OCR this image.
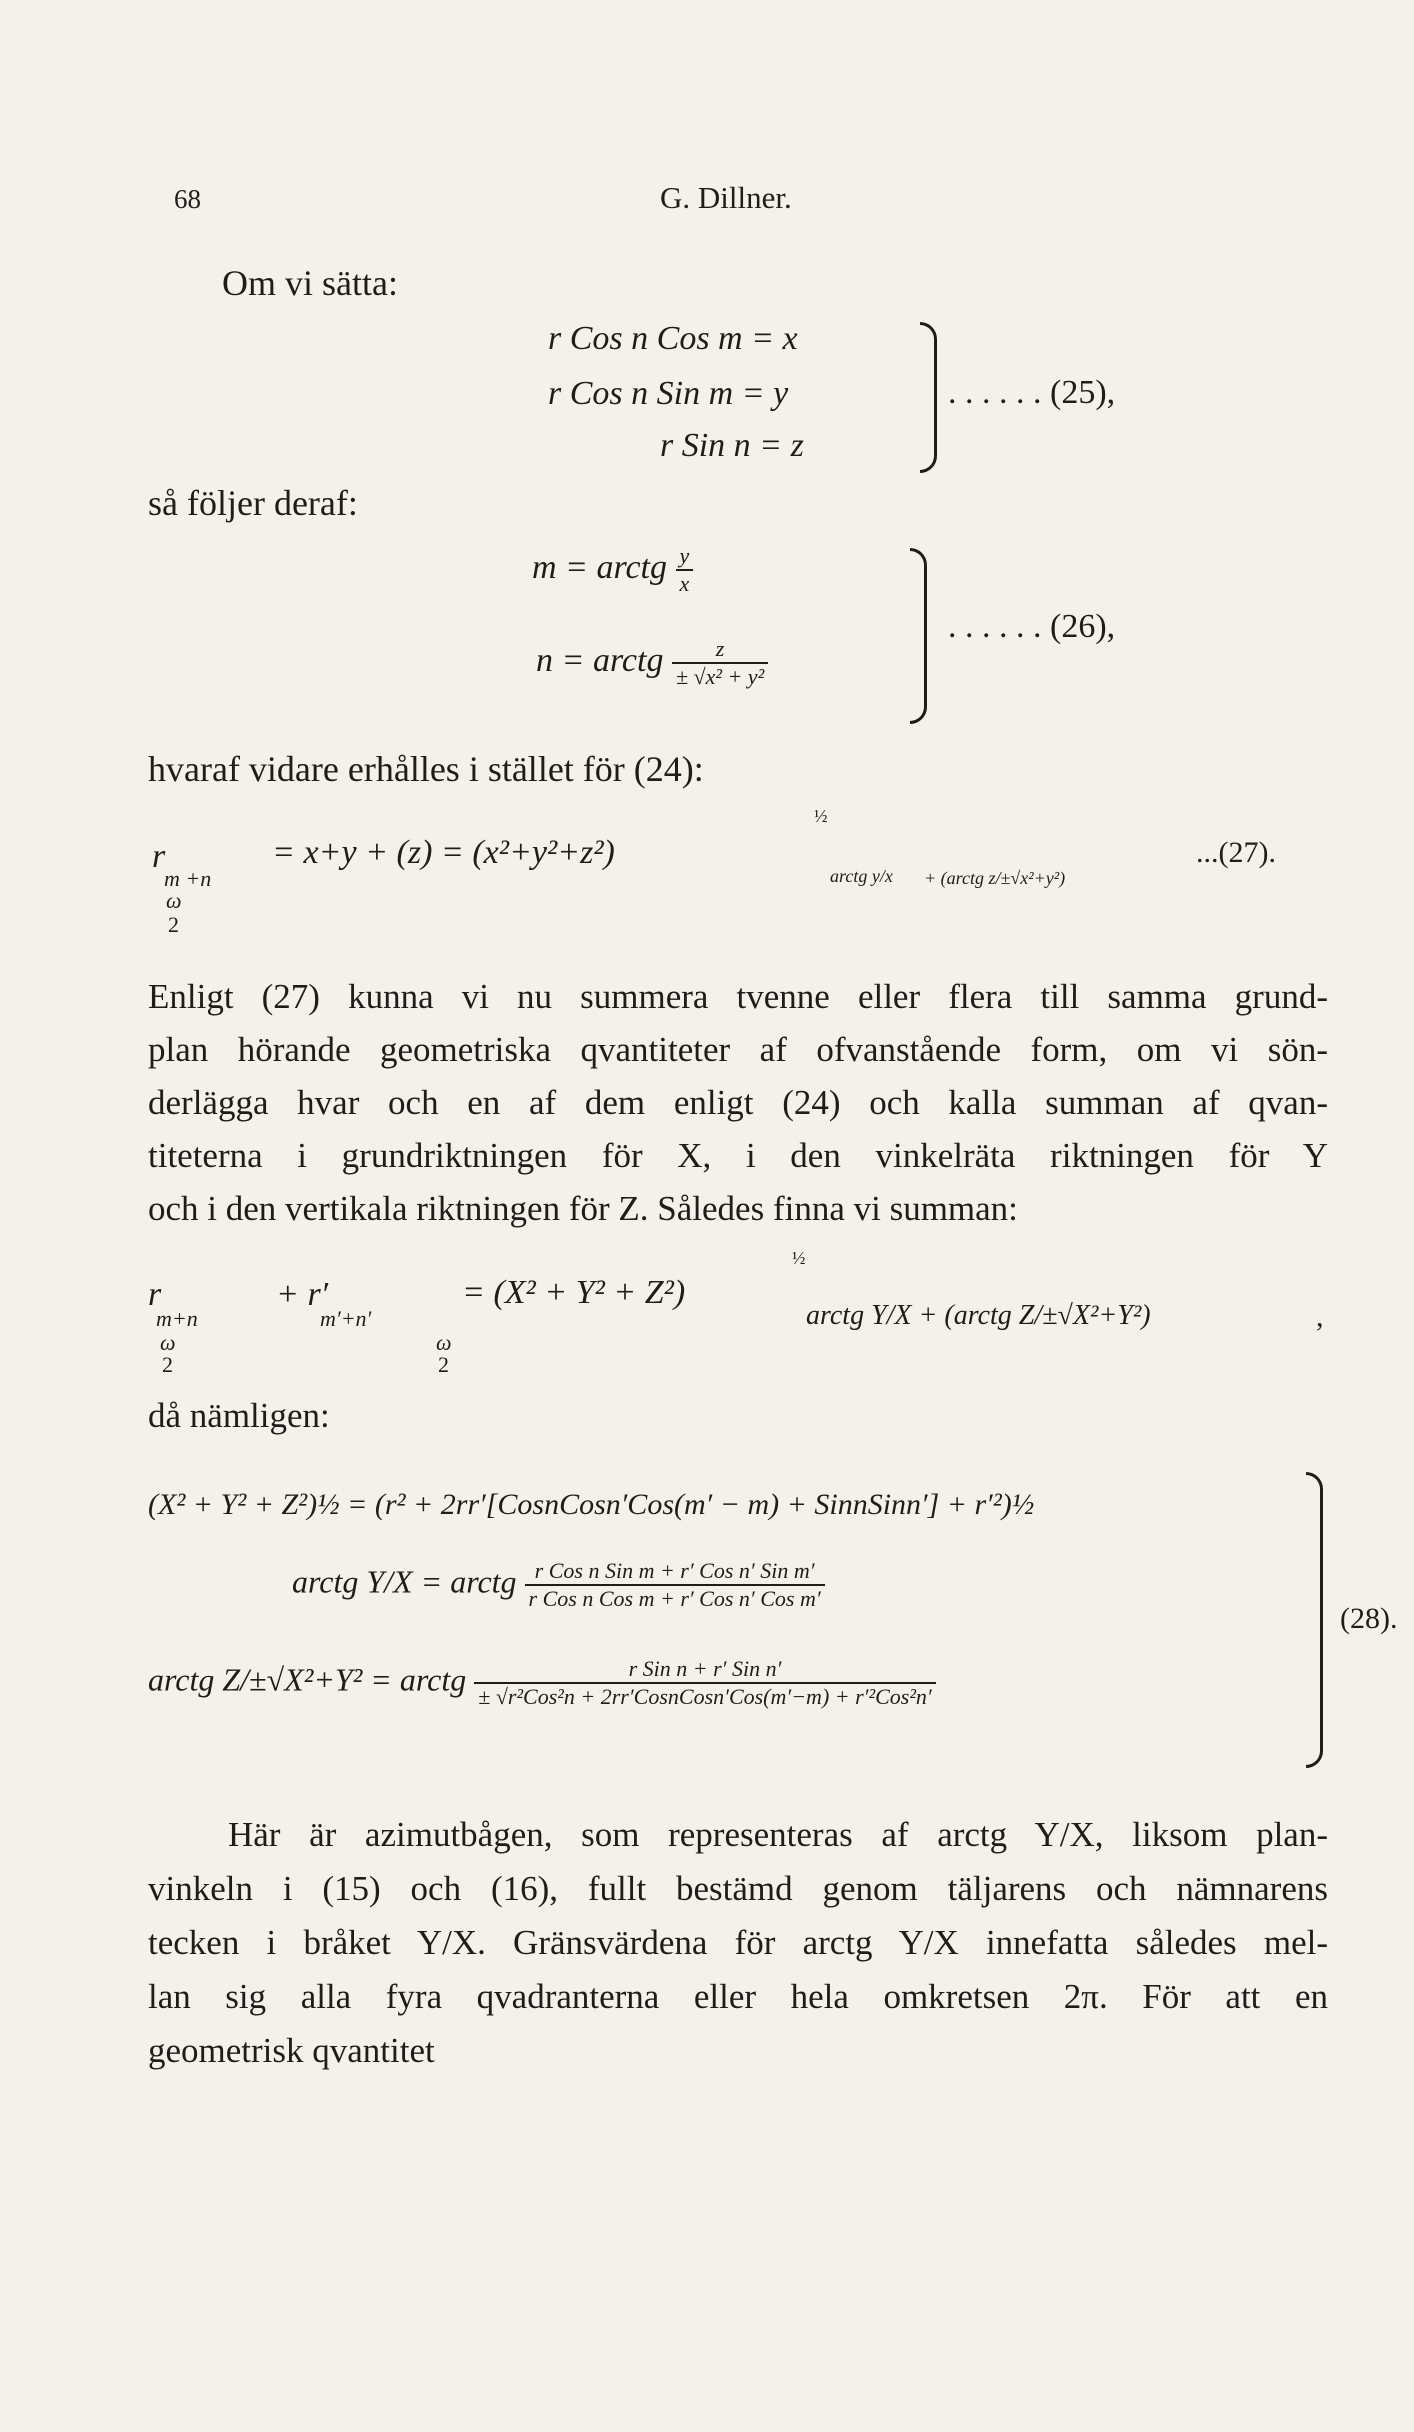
68	G. Dillner.
Om vi sätta:
r Cos n Cos m = x
r Cos n Sin m = y
r Sin n = z
. . . . . . (25),
så följer deraf:
m = arctg $\frac{y}{x}$
n = arctg $\frac{z}{\text{± √x² + y²}}$
. . . . . . (26),
hvaraf vidare erhålles i stället för (24):
r
m +n
ω
2
= x+y + (z) = (x²+y²+z²)
½
arctg y/x + (arctg z/±√x²+y²)
...(27).
Enligt (27) kunna vi nu summera tvenne eller flera till samma grund-
plan hörande geometriska qvantiteter af ofvanstående form, om vi sön-
derlägga hvar och en af dem enligt (24) och kalla summan af qvan-
titeterna i grundriktningen för X, i den vinkelräta riktningen för Y
och i den vertikala riktningen för Z. Således finna vi summan:
r
m+n
ω
2
+ r′
m′+n′
ω
2
= (X² + Y² + Z²)
½
arctg Y/X + (arctg Z/±√X²+Y²)	,
då nämligen:
(X² + Y² + Z²)½ = (r² + 2rr′[CosnCosn′Cos(m′ − m) + SinnSinn′] + r′²)½
arctg Y/X = arctg $\frac{\text{r Cos n Sin m + r′ Cos n′ Sin m′}}{\text{r Cos n Cos m + r′ Cos n′ Cos m′}}$
arctg Z/±√X²+Y² = arctg $\frac{\text{r Sin n + r′ Sin n′}}{\text{± √r²Cos²n + 2rr′CosnCosn′Cos(m′−m) + r′²Cos²n′}}$
(28).
Här är azimutbågen, som representeras af arctg Y/X, liksom plan-
vinkeln i (15) och (16), fullt bestämd genom täljarens och nämnarens
tecken i bråket Y/X. Gränsvärdena för arctg Y/X innefatta således mel-
lan sig alla fyra qvadranterna eller hela omkretsen 2π. För att en
geometrisk qvantitet
